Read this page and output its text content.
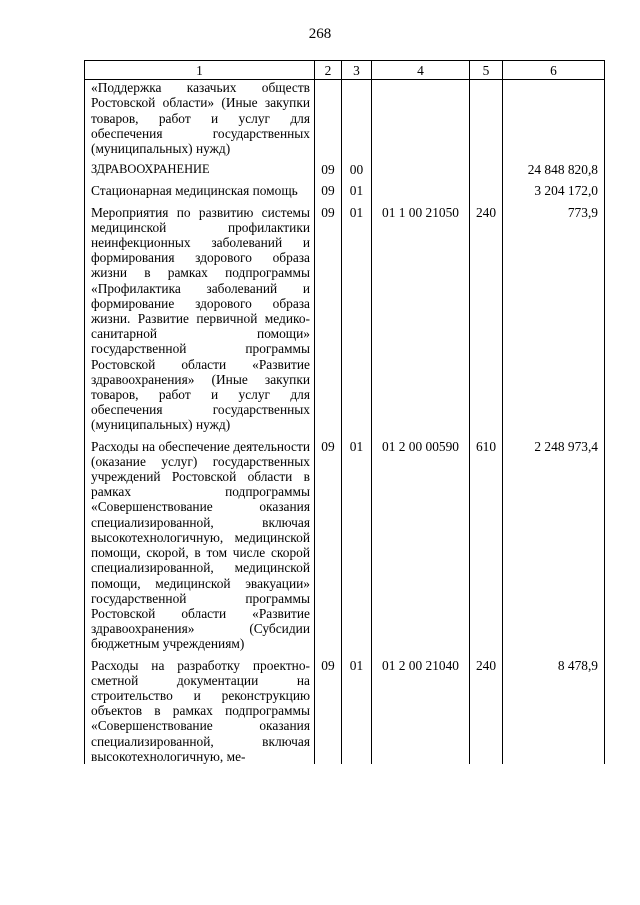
268
1	2	3	4	5	6
«Поддержка казачьих обществ Ростовской области» (Иные закупки товаров, работ и услуг для обеспечения государственных (муниципальных) нужд)					
ЗДРАВООХРАНЕНИЕ	09	00			24 848 820,8
Стационарная медицинская помощь	09	01			3 204 172,0
Мероприятия по развитию системы медицинской профилактики неинфекционных заболеваний и формирования здорового образа жизни в рамках подпрограммы «Профилактика заболеваний и формирование здорового образа жизни. Развитие первичной медико-санитарной помощи» государственной программы Ростовской области «Развитие здравоохранения» (Иные закупки товаров, работ и услуг для обеспечения государственных (муниципальных) нужд)	09	01	01 1 00 21050	240	773,9
Расходы на обеспечение деятельности (оказание услуг) государственных учреждений Ростовской области в рамках подпрограммы «Совершенствование оказания специализированной, включая высокотехнологичную, медицинской помощи, скорой, в том числе скорой специализированной, медицинской помощи, медицинской эвакуации» государственной программы Ростовской области «Развитие здравоохранения» (Субсидии бюджетным учреждениям)	09	01	01 2 00 00590	610	2 248 973,4
Расходы на разработку проектно-сметной документации на строительство и реконструкцию объектов в рамках подпрограммы «Совершенствование оказания специализированной, включая высокотехнологичную, ме-	09	01	01 2 00 21040	240	8 478,9
